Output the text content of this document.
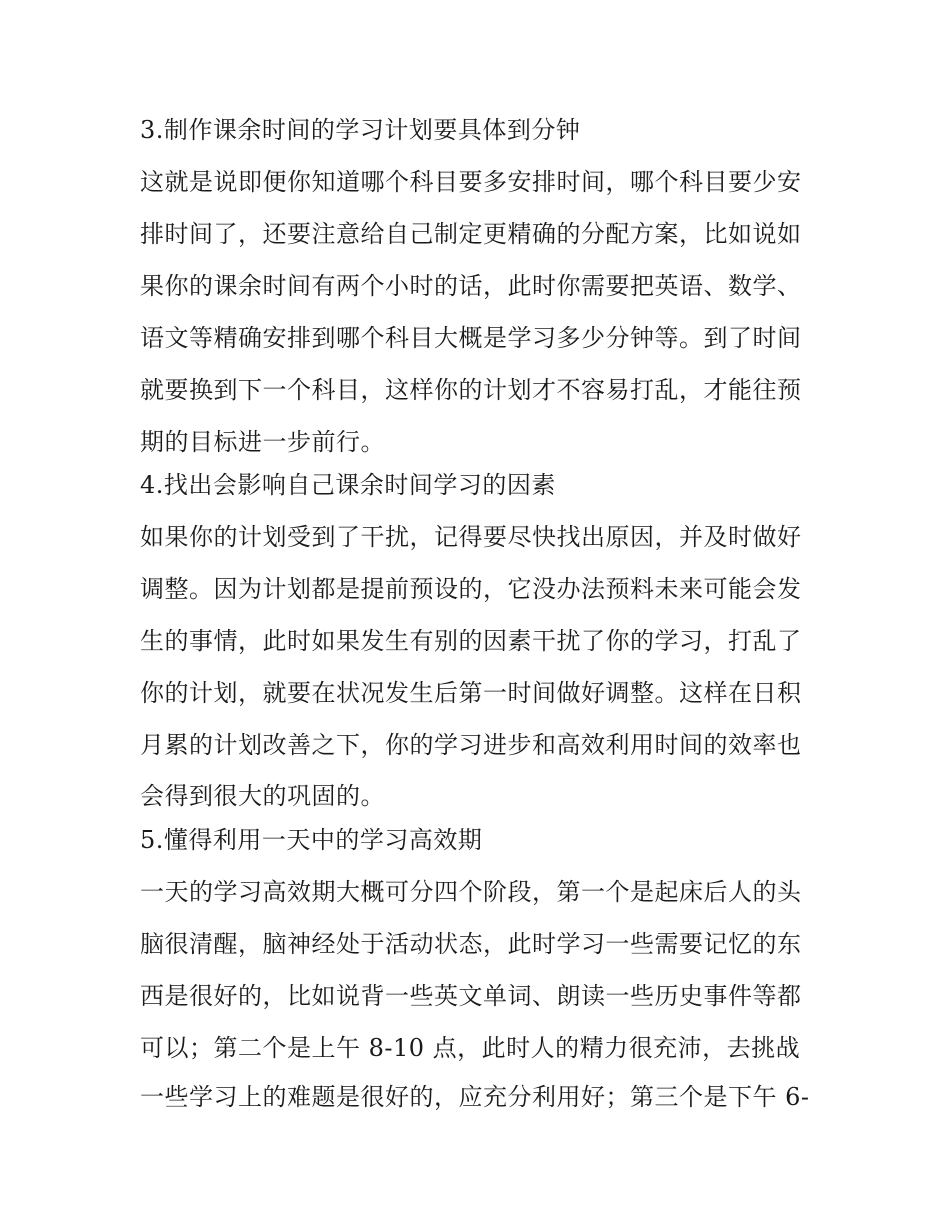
3.制作课余时间的学习计划要具体到分钟

这就是说即便你知道哪个科目要多安排时间，哪个科目要少安

排时间了，还要注意给自己制定更精确的分配方案，比如说如

果你的课余时间有两个小时的话，此时你需要把英语、数学、

语文等精确安排到哪个科目大概是学习多少分钟等。到了时间

就要换到下一个科目，这样你的计划才不容易打乱，才能往预

期的目标进一步前行。

4.找出会影响自己课余时间学习的因素

如果你的计划受到了干扰，记得要尽快找出原因，并及时做好

调整。因为计划都是提前预设的，它没办法预料未来可能会发

生的事情，此时如果发生有别的因素干扰了你的学习，打乱了

你的计划，就要在状况发生后第一时间做好调整。这样在日积

月累的计划改善之下，你的学习进步和高效利用时间的效率也

会得到很大的巩固的。

5.懂得利用一天中的学习高效期

一天的学习高效期大概可分四个阶段，第一个是起床后人的头

脑很清醒，脑神经处于活动状态，此时学习一些需要记忆的东

西是很好的，比如说背一些英文单词、朗读一些历史事件等都

可以；第二个是上午 8-10 点，此时人的精力很充沛，去挑战

一些学习上的难题是很好的，应充分利用好；第三个是下午 6-
